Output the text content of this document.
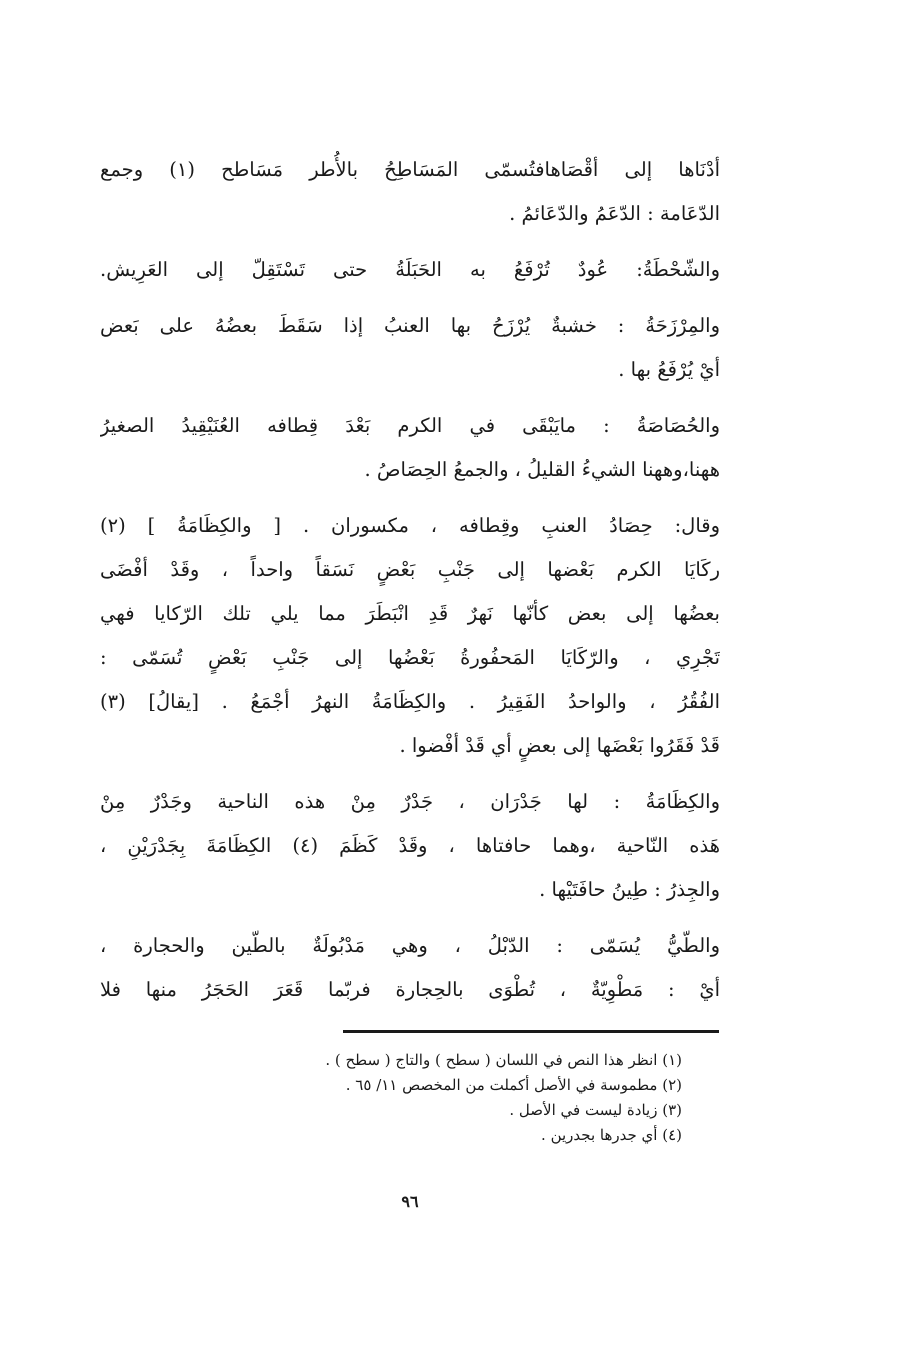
أدْنَاها إلى أقْصَاهافتُسمّى المَسَاطِحُ بالأُطر مَسَاطح (١) وجمع
الدّعَامة : الدّعَمُ والدّعَائمُ .
والشّحْطَةُ: عُودٌ تُرْفَعُ به الحَبَلَةُ حتى تَسْتَقِلّ إلى العَرِيش.
والمِرْزَحَةُ : خشبةٌ يُرْزَحُ بها العنبُ إذا سَقَطَ بعضُهُ على بَعض
أيْ يُرْفَعُ بها .
والحُصَاصَةُ : مايَبْقَى في الكرم بَعْدَ قِطافه العُنَيْقِيدُ الصغيرُ
ههنا،وههنا الشيءُ القليلُ ، والجمعُ الحِصَاصُ .
وقال: حِصَادُ العنبِ وقِطافه ، مكسوران . [ والكِظَامَةُ ] (٢)
ركَايَا الكرم بَعْضها إلى جَنْبِ بَعْضٍ نَسَقاً واحداً ، وقَدْ أفْضَى
بعضُها إلى بعض كأنّها نَهرٌ قَدِ انْبَطَرَ مما يلي تلك الرّكايا فهي
تَجْرِي ، والرّكَايَا المَحفُورةُ بَعْضُها إلى جَنْبِ بَعْضٍ تُسَمّى :
الفُقُرُ ، والواحدُ الفَقِيرُ . والكِظَامَةُ النهرُ أجْمَعُ . [يقالُ] (٣)
قَدْ فَقَرُوا بَعْضَها إلى بعضٍ أي قَدْ أفْضوا .
والكِظَامَةُ : لها جَدْرَان ، جَدْرٌ مِنْ هذه الناحية وجَدْرٌ مِنْ
هَذه النّاحية ،وهما حافتاها ، وقَدْ كَظَمَ (٤) الكِظَامَةَ بِجَدْرَيْنِ ،
والجِذرُ : طِينُ حافَتَيْها .
والطّيُّ يُسَمّى : الدّبْلُ ، وهي مَدْبُولَةٌ بالطّين والحجارة ،
أيْ : مَطْوِيّةٌ ، تُطْوَى بالحِجارة فربّما قَعَرَ الحَجَرُ منها فلا
(١) انظر هذا النص في اللسان ( سطح ) والتاج ( سطح ) .
(٢) مطموسة في الأصل أكملت من المخصص ١١/ ٦٥ .
(٣) زيادة ليست في الأصل .
(٤) أي جدرها بجدرين .
٩٦
